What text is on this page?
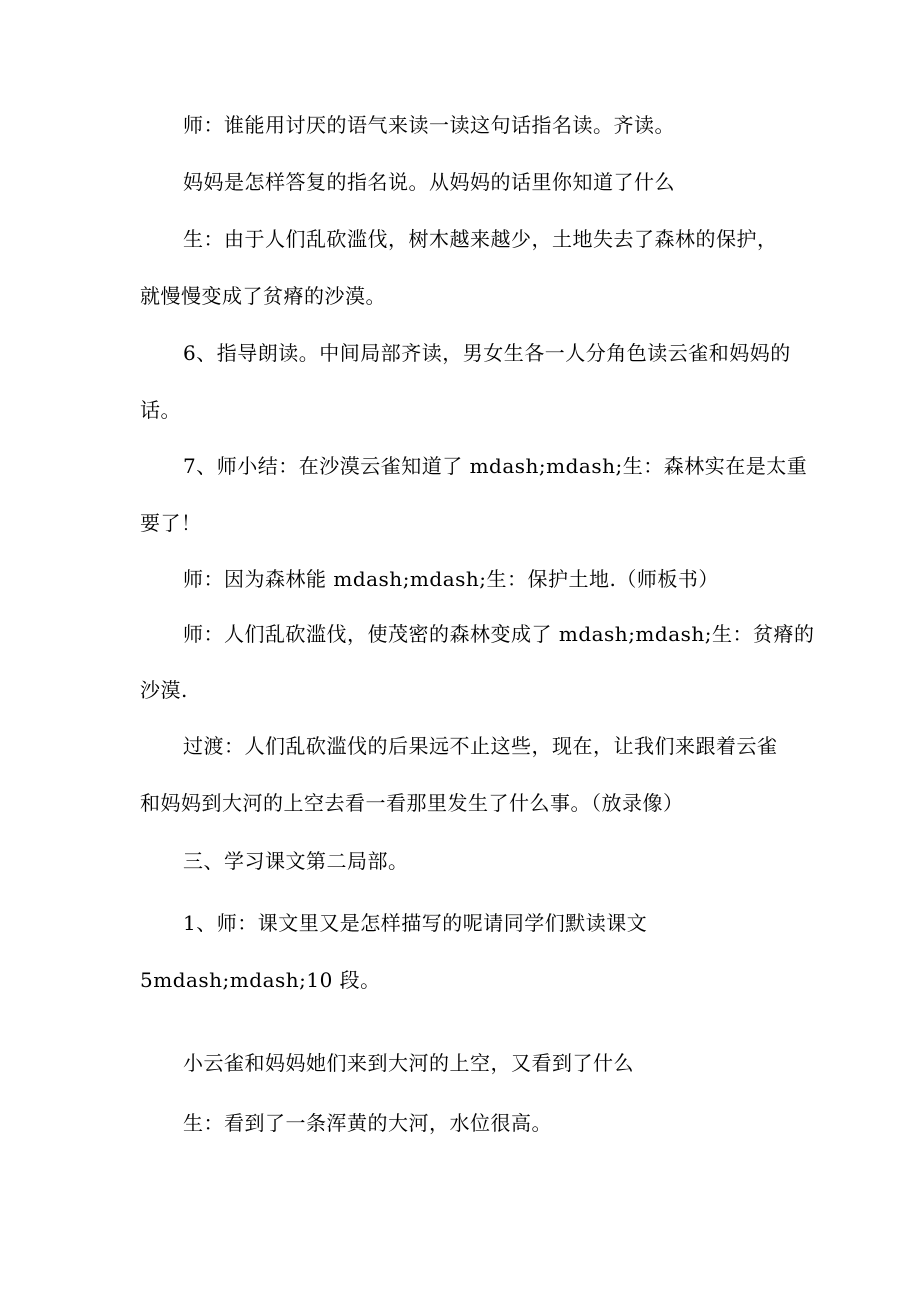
师：谁能用讨厌的语气来读一读这句话指名读。齐读。
妈妈是怎样答复的指名说。从妈妈的话里你知道了什么
生：由于人们乱砍滥伐，树木越来越少，土地失去了森林的保护，
就慢慢变成了贫瘠的沙漠。
6、指导朗读。中间局部齐读，男女生各一人分角色读云雀和妈妈的
话。
7、师小结：在沙漠云雀知道了 mdash;mdash;生：森林实在是太重
要了！
师：因为森林能 mdash;mdash;生：保护土地.（师板书）
师：人们乱砍滥伐，使茂密的森林变成了 mdash;mdash;生：贫瘠的
沙漠.
过渡：人们乱砍滥伐的后果远不止这些，现在，让我们来跟着云雀
和妈妈到大河的上空去看一看那里发生了什么事。（放录像）
三、学习课文第二局部。
1、师：课文里又是怎样描写的呢请同学们默读课文
5mdash;mdash;10 段。
小云雀和妈妈她们来到大河的上空，又看到了什么
生：看到了一条浑黄的大河，水位很高。
